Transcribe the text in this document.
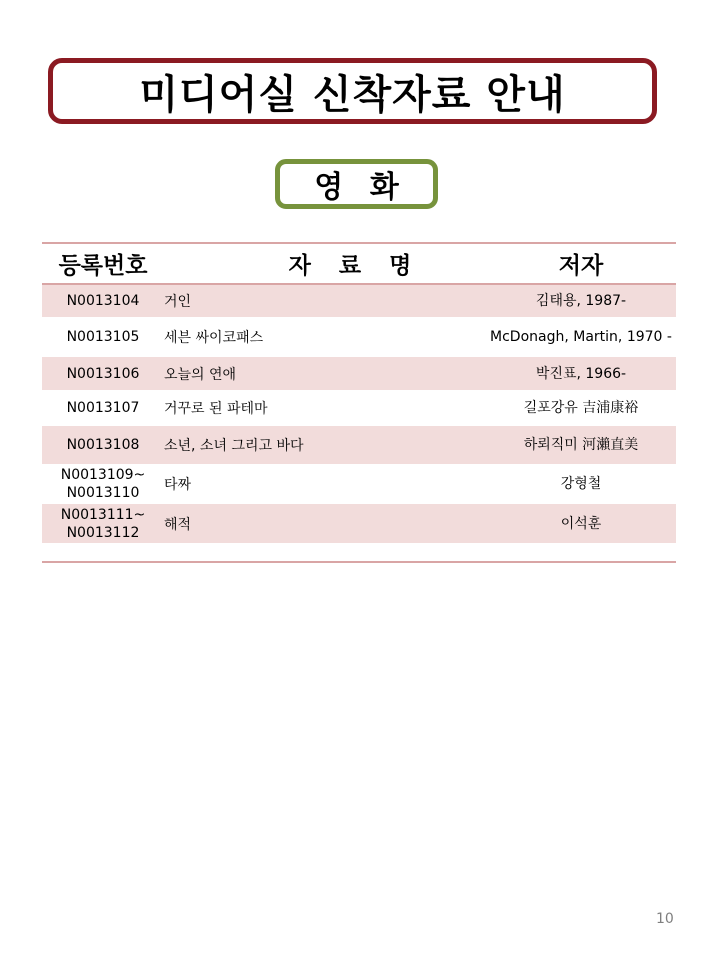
미디어실 신착자료 안내
영 화
등록번호	자 료 명	저자
N0013104	거인	김태용, 1987-
N0013105	세븐 싸이코패스	McDonagh, Martin, 1970 -
N0013106	오늘의 연애	박진표, 1966-
N0013107	거꾸로 된 파테마	길포강유 吉浦康裕
N0013108	소년, 소녀 그리고 바다	하뢰직미 河瀨直美
N0013109~ N0013110	타짜	강형철
N0013111~ N0013112	해적	이석훈
10
